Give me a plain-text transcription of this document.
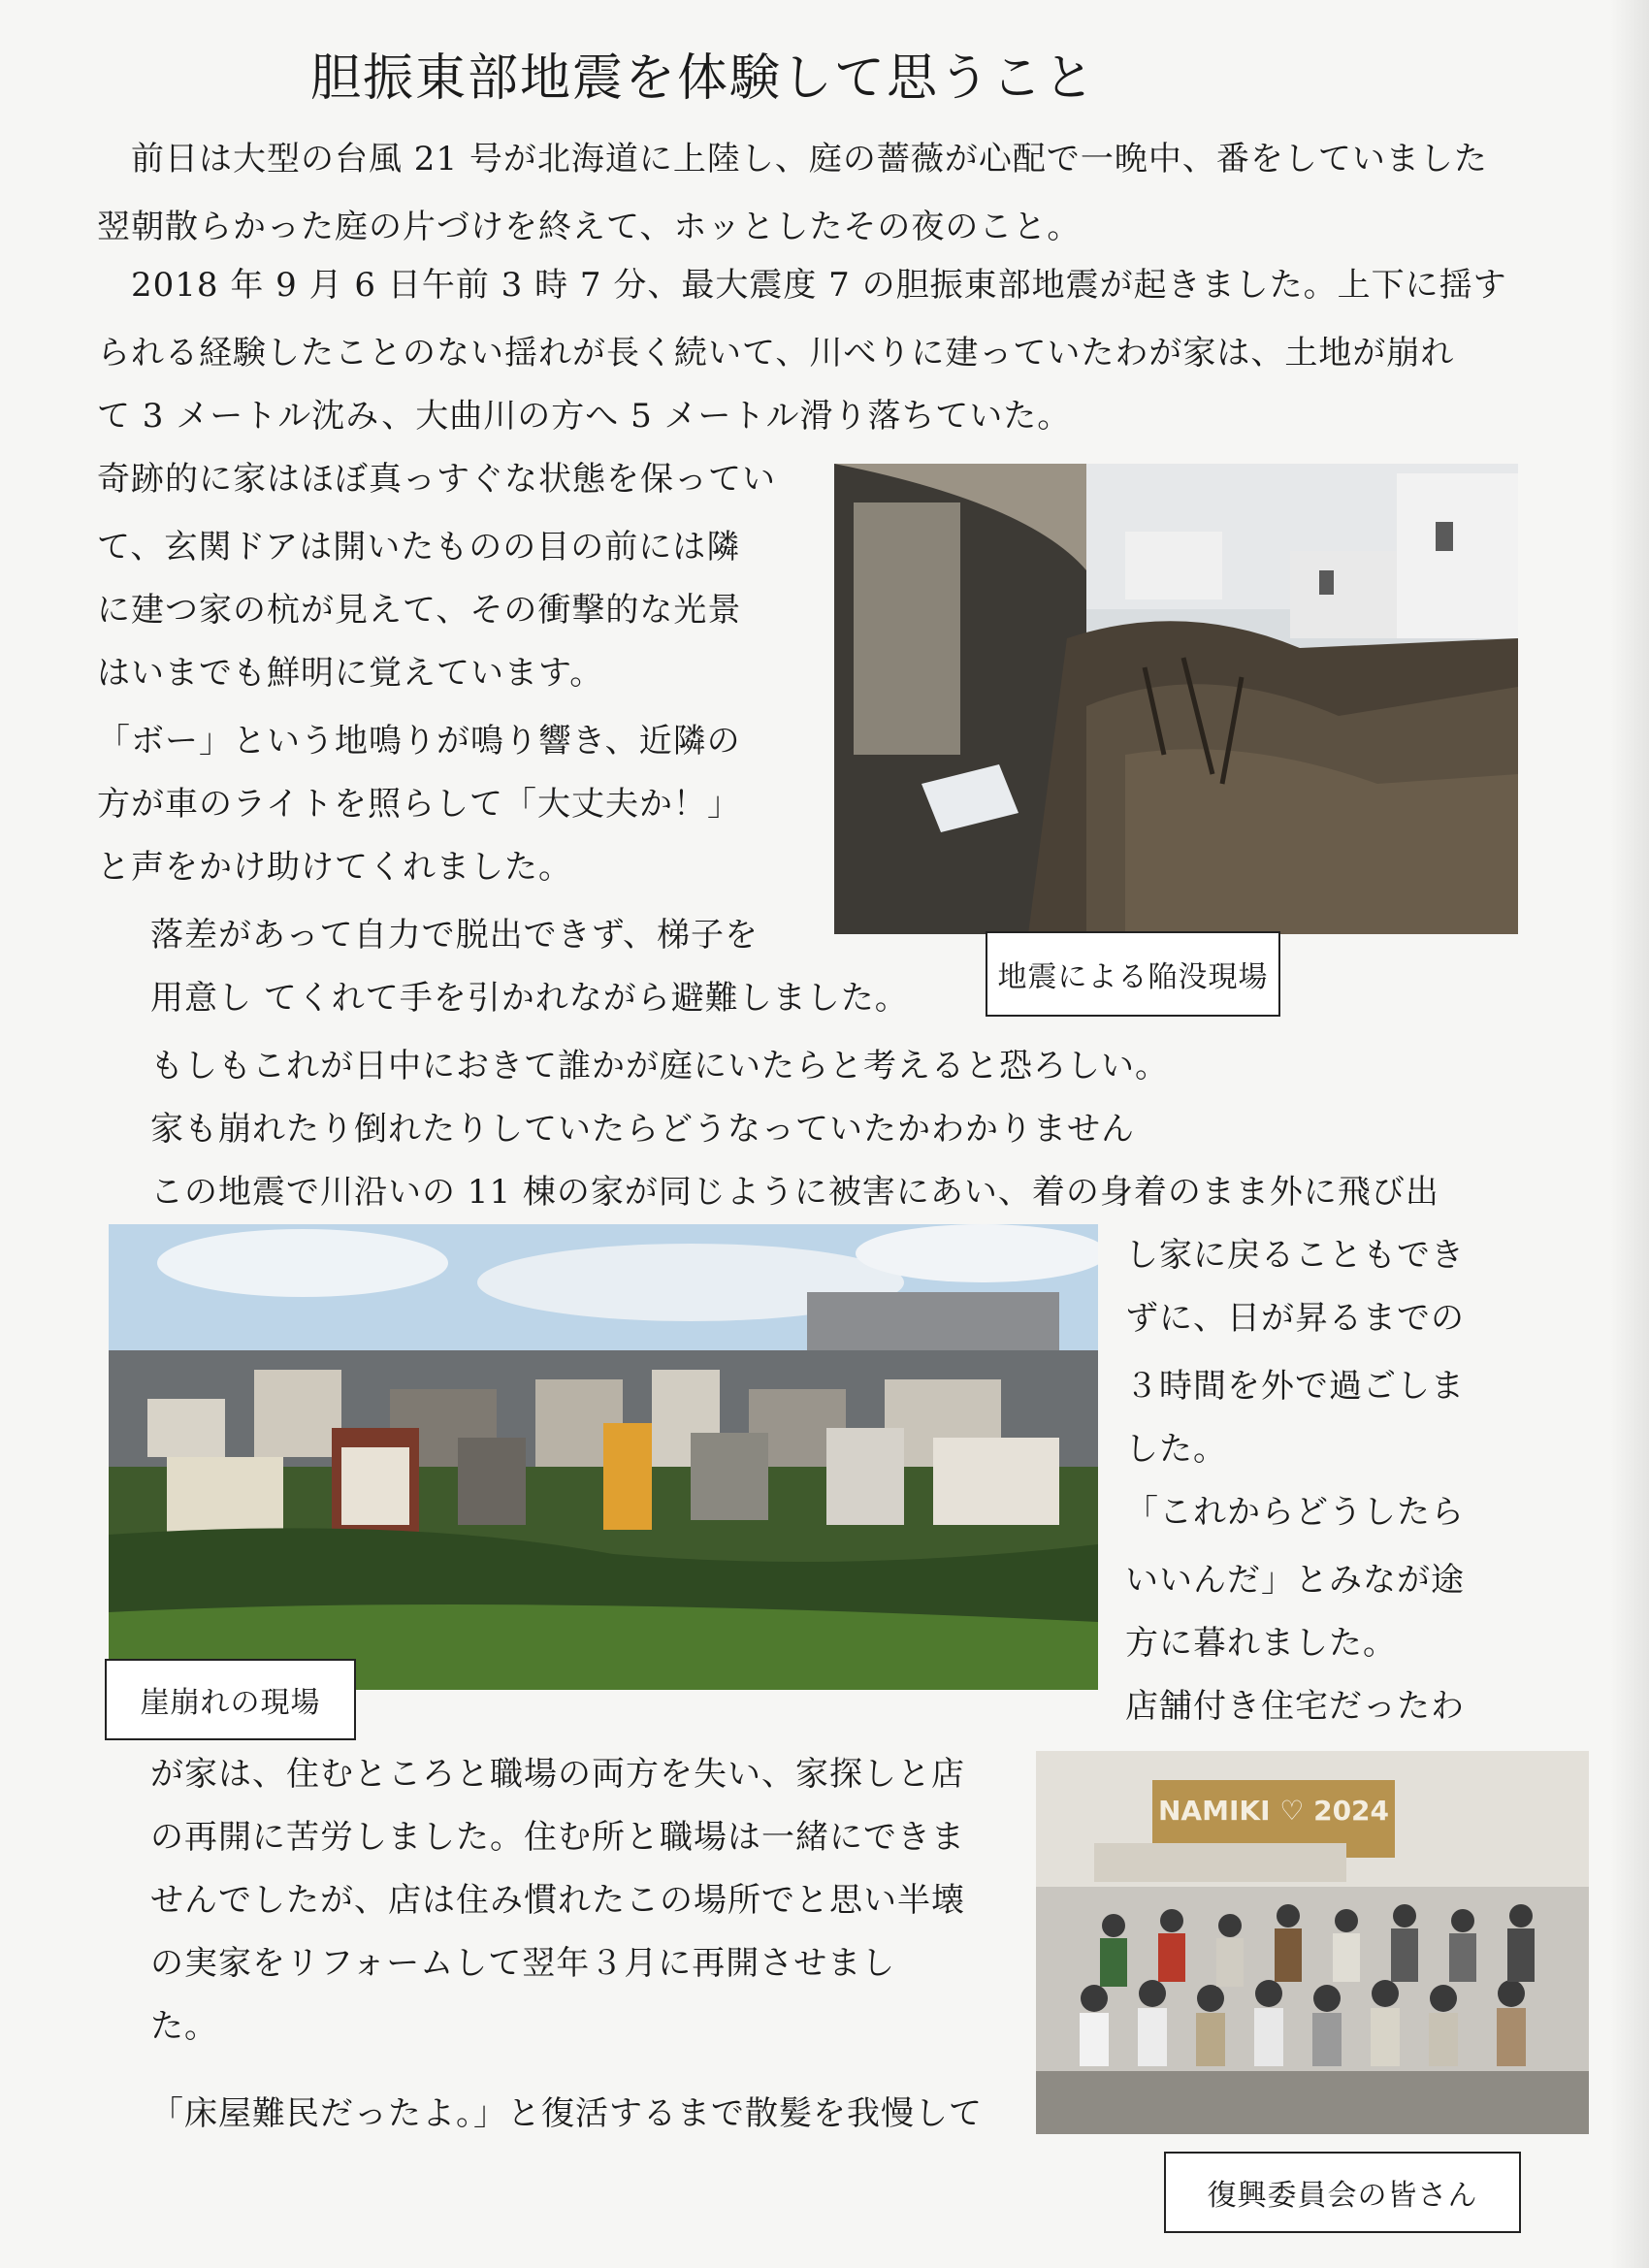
胆振東部地震を体験して思うこと
前日は大型の台風 21 号が北海道に上陸し、庭の薔薇が心配で一晩中、番をしていました
翌朝散らかった庭の片づけを終えて、ホッとしたその夜のこと。
2018 年 9 月 6 日午前 3 時 7 分、最大震度 7 の胆振東部地震が起きました。上下に揺す
られる経験したことのない揺れが長く続いて、川べりに建っていたわが家は、土地が崩れ
て 3 メートル沈み、大曲川の方へ 5 メートル滑り落ちていた。
奇跡的に家はほぼ真っすぐな状態を保ってい
て、玄関ドアは開いたものの目の前には隣
に建つ家の杭が見えて、その衝撃的な光景
はいまでも鮮明に覚えています。
「ボー」という地鳴りが鳴り響き、近隣の
方が車のライトを照らして「大丈夫か！」
と声をかけ助けてくれました。
落差があって自力で脱出できず、梯子を
用意し てくれて手を引かれながら避難しました。
もしもこれが日中におきて誰かが庭にいたらと考えると恐ろしい。
家も崩れたり倒れたりしていたらどうなっていたかわかりません
この地震で川沿いの 11 棟の家が同じように被害にあい、着の身着のまま外に飛び出
し家に戻ることもでき
ずに、日が昇るまでの
３時間を外で過ごしま
した。
「これからどうしたら
いいんだ」とみなが途
方に暮れました。
店舗付き住宅だったわ
が家は、住むところと職場の両方を失い、家探しと店
の再開に苦労しました。住む所と職場は一緒にできま
せんでしたが、店は住み慣れたこの場所でと思い半壊
の実家をリフォームして翌年３月に再開させまし
た。
「床屋難民だったよ。」と復活するまで散髪を我慢して
地震による陥没現場
崖崩れの現場
NAMIKI ♡ 2024
復興委員会の皆さん
